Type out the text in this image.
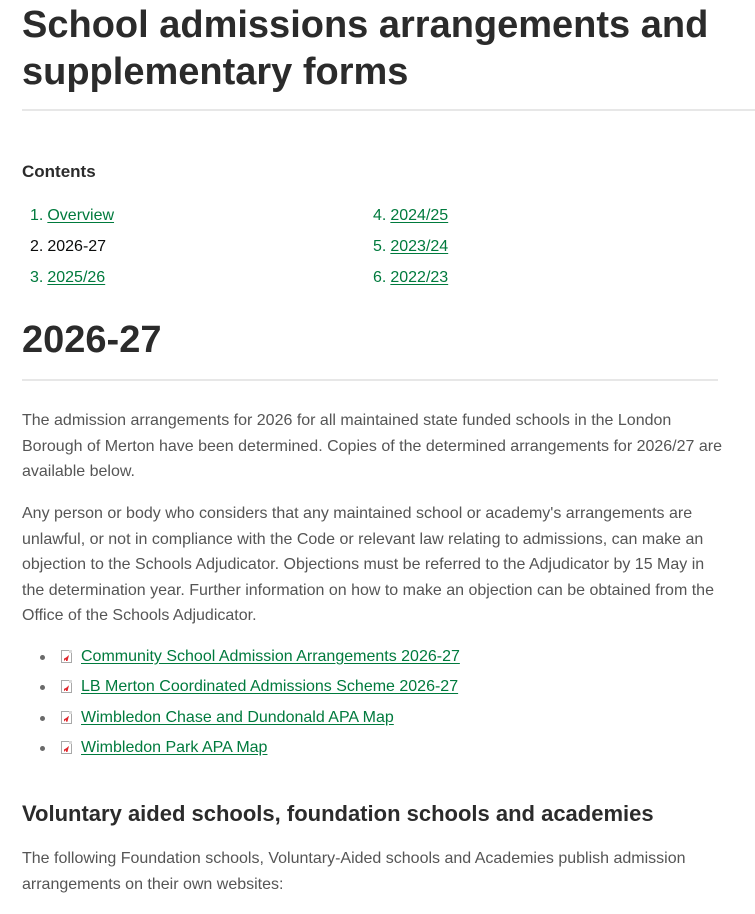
School admissions arrangements and supplementary forms
Contents
1. Overview
2. 2026-27
3. 2025/26
4. 2024/25
5. 2023/24
6. 2022/23
2026-27

The admission arrangements for 2026 for all maintained state funded schools in the London Borough of Merton have been determined. Copies of the determined arrangements for 2026/27 are available below.

Any person or body who considers that any maintained school or academy's arrangements are unlawful, or not in compliance with the Code or relevant law relating to admissions, can make an objection to the Schools Adjudicator. Objections must be referred to the Adjudicator by 15 May in the determination year. Further information on how to make an objection can be obtained from the Office of the Schools Adjudicator.

Community School Admission Arrangements 2026-27
LB Merton Coordinated Admissions Scheme 2026-27
Wimbledon Chase and Dundonald APA Map
Wimbledon Park APA Map
Voluntary aided schools, foundation schools and academies

The following Foundation schools, Voluntary-Aided schools and Academies publish admission arrangements on their own websites:
